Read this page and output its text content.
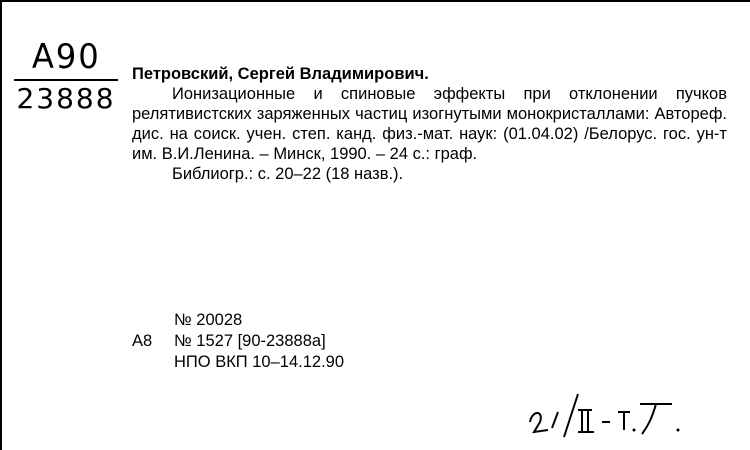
А90
23888

Петровский, Сергей Владимирович.

Ионизационные и спиновые эффекты при отклонении пучков релятивистских заряженных частиц изогнутыми монокристаллами: Автореф. дис. на соиск. учен. степ. канд. физ.-мат. наук: (01.04.02) /Белорус. гос. ун-т им. В.И.Ленина. – Минск, 1990. – 24 с.: граф.

Библиогр.: с. 20–22 (18 назв.).

№ 20028
А8	№ 1527 [90-23888а]
НПО ВКП 10–14.12.90
